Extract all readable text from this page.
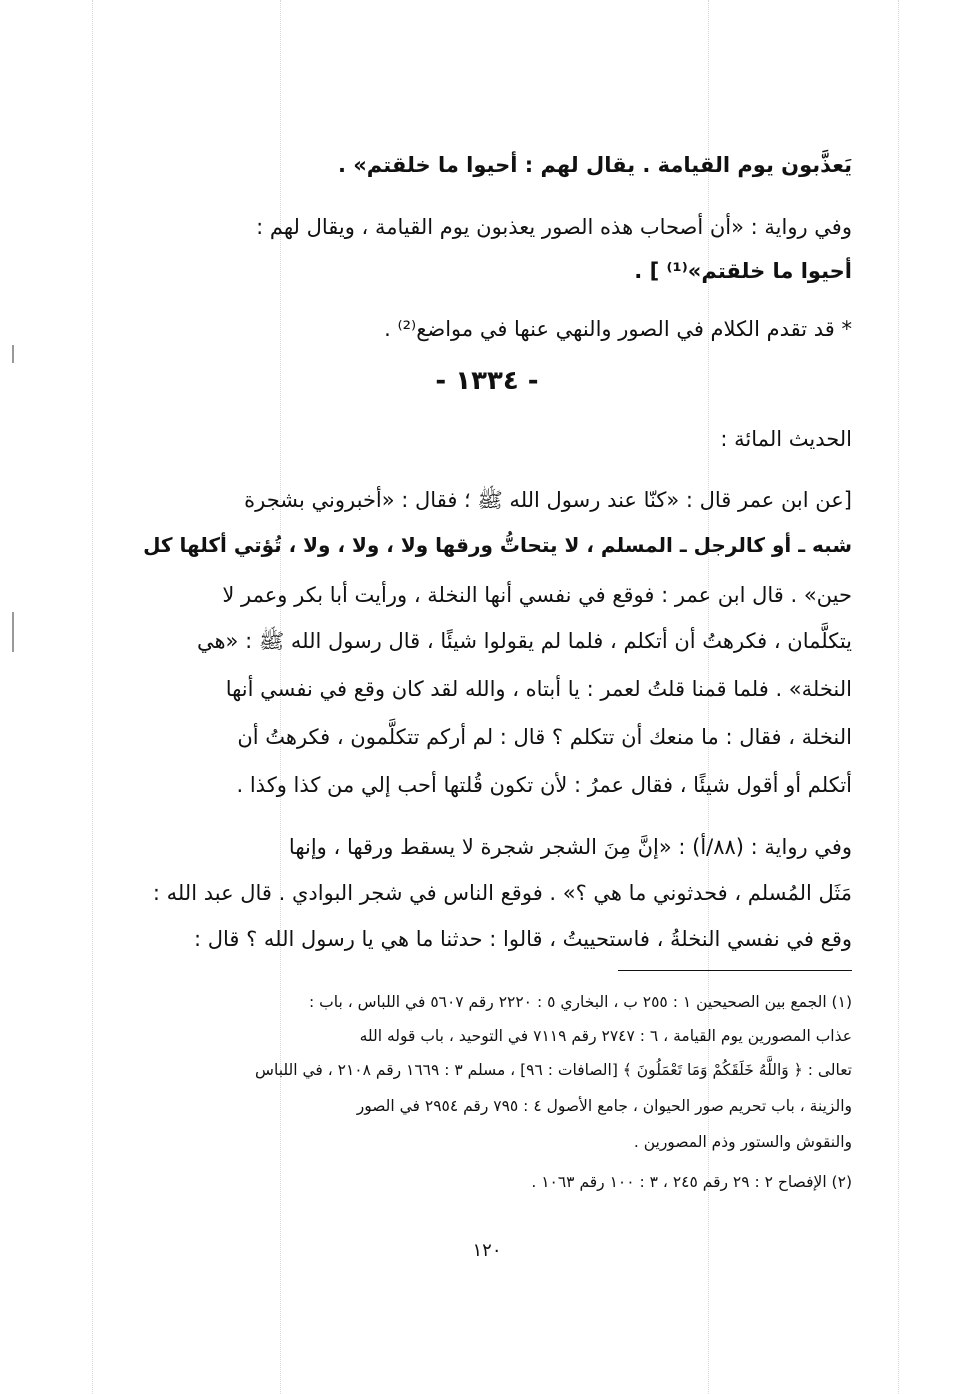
يَعذَّبون يوم القيامة . يقال لهم : أحيوا ما خلقتم» .
وفي رواية : «أن أصحاب هذه الصور يعذبون يوم القيامة ، ويقال لهم :
أحيوا ما خلقتم»⁽¹⁾ ] .
* قد تقدم الكلام في الصور والنهي عنها في مواضع⁽²⁾ .
- ١٣٣٤ -
الحديث المائة :
[عن ابن عمر قال : «كنّا عند رسول الله ﷺ ؛ فقال : «أخبروني بشجرة
شبه ـ أو كالرجل ـ المسلم ، لا يتحاتُّ ورقها ولا ، ولا ، ولا ، تُؤتي أكلها كل
حين» . قال ابن عمر : فوقع في نفسي أنها النخلة ، ورأيت أبا بكر وعمر لا
يتكلَّمان ، فكرهتُ أن أتكلم ، فلما لم يقولوا شيئًا ، قال رسول الله ﷺ : «هي
النخلة» . فلما قمنا قلتُ لعمر : يا أبتاه ، والله لقد كان وقع في نفسي أنها
النخلة ، فقال : ما منعك أن تتكلم ؟ قال : لم أركم تتكلَّمون ، فكرهتُ أن
أتكلم أو أقول شيئًا ، فقال عمرُ : لأن تكون قُلتها أحب إلي من كذا وكذا .
وفي رواية : (٨٨/أ) : «إنَّ مِنَ الشجر شجرة لا يسقط ورقها ، وإنها
مَثَل المُسلم ، فحدثوني ما هي ؟» . فوقع الناس في شجر البوادي . قال عبد الله :
وقع في نفسي النخلةُ ، فاستحييتُ ، قالوا : حدثنا ما هي يا رسول الله ؟ قال :
(١) الجمع بين الصحيحين ١ : ٢٥٥ ب ، البخاري ٥ : ٢٢٢٠ رقم ٥٦٠٧ في اللباس ، باب :
عذاب المصورين يوم القيامة ، ٦ : ٢٧٤٧ رقم ٧١١٩ في التوحيد ، باب قوله الله
تعالى : ﴿ وَاللَّهُ خَلَقَكُمْ وَمَا تَعْمَلُونَ ﴾ [الصافات : ٩٦] ، مسلم ٣ : ١٦٦٩ رقم ٢١٠٨ ، في اللباس
والزينة ، باب تحريم صور الحيوان ، جامع الأصول ٤ : ٧٩٥ رقم ٢٩٥٤ في الصور
والنقوش والستور وذم المصورين .
(٢) الإفصاح ٢ : ٢٩ رقم ٢٤٥ ، ٣ : ١٠٠ رقم ١٠٦٣ .
١٢٠
